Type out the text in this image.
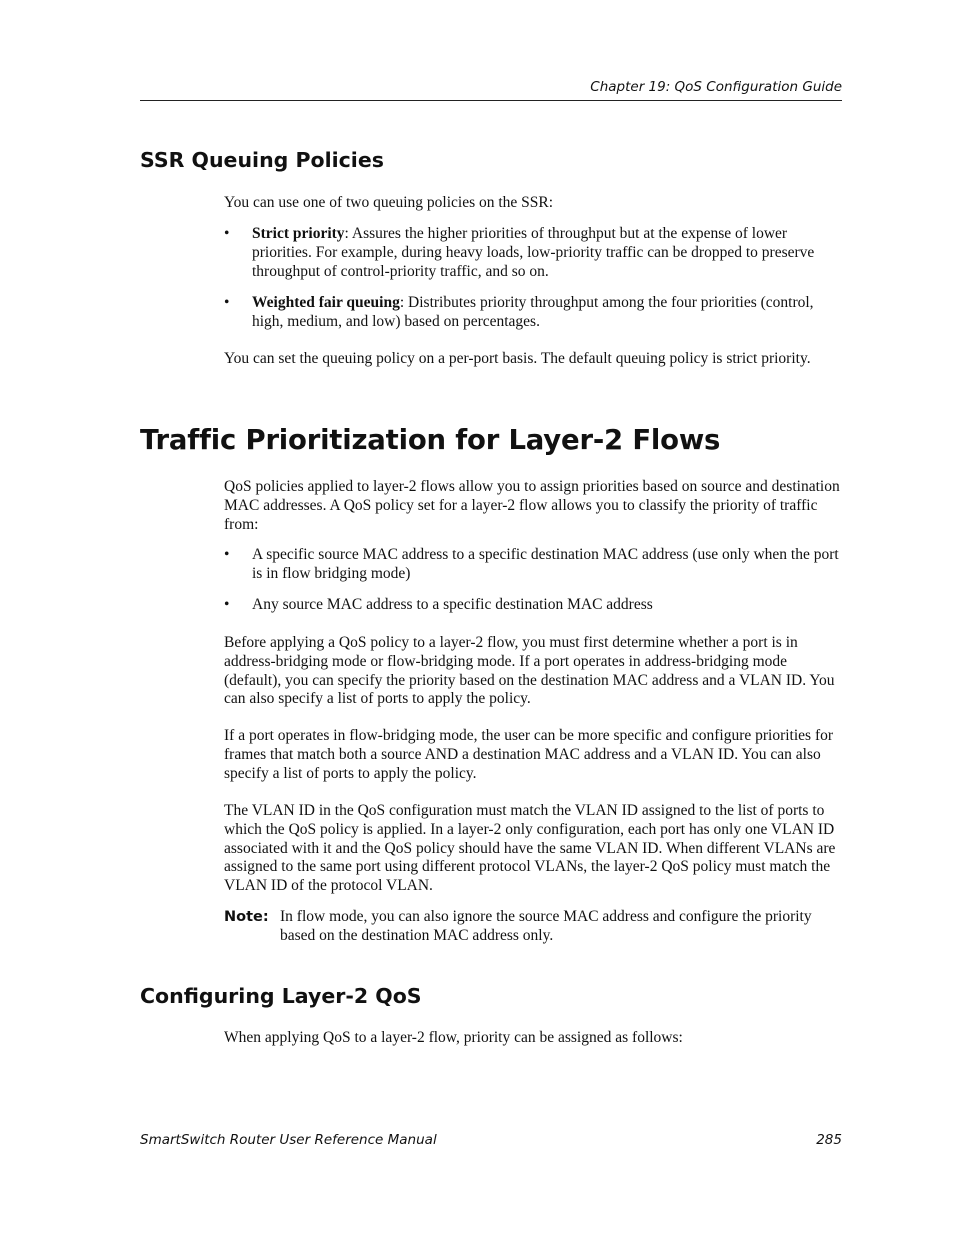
Chapter 19: QoS Configuration Guide
SSR Queuing Policies

You can use one of two queuing policies on the SSR:

• Strict priority: Assures the higher priorities of throughput but at the expense of lower priorities. For example, during heavy loads, low-priority traffic can be dropped to preserve throughput of control-priority traffic, and so on.
• Weighted fair queuing: Distributes priority throughput among the four priorities (control, high, medium, and low) based on percentages.

You can set the queuing policy on a per-port basis. The default queuing policy is strict priority.

Traffic Prioritization for Layer-2 Flows

QoS policies applied to layer-2 flows allow you to assign priorities based on source and destination MAC addresses. A QoS policy set for a layer-2 flow allows you to classify the priority of traffic from:

• A specific source MAC address to a specific destination MAC address (use only when the port is in flow bridging mode)
• Any source MAC address to a specific destination MAC address

Before applying a QoS policy to a layer-2 flow, you must first determine whether a port is in address-bridging mode or flow-bridging mode. If a port operates in address-bridging mode (default), you can specify the priority based on the destination MAC address and a VLAN ID. You can also specify a list of ports to apply the policy.

If a port operates in flow-bridging mode, the user can be more specific and configure priorities for frames that match both a source AND a destination MAC address and a VLAN ID. You can also specify a list of ports to apply the policy.

The VLAN ID in the QoS configuration must match the VLAN ID assigned to the list of ports to which the QoS policy is applied. In a layer-2 only configuration, each port has only one VLAN ID associated with it and the QoS policy should have the same VLAN ID. When different VLANs are assigned to the same port using different protocol VLANs, the layer-2 QoS policy must match the VLAN ID of the protocol VLAN.

Note: In flow mode, you can also ignore the source MAC address and configure the priority based on the destination MAC address only.
Configuring Layer-2 QoS

When applying QoS to a layer-2 flow, priority can be assigned as follows:

SmartSwitch Router User Reference Manual	285
